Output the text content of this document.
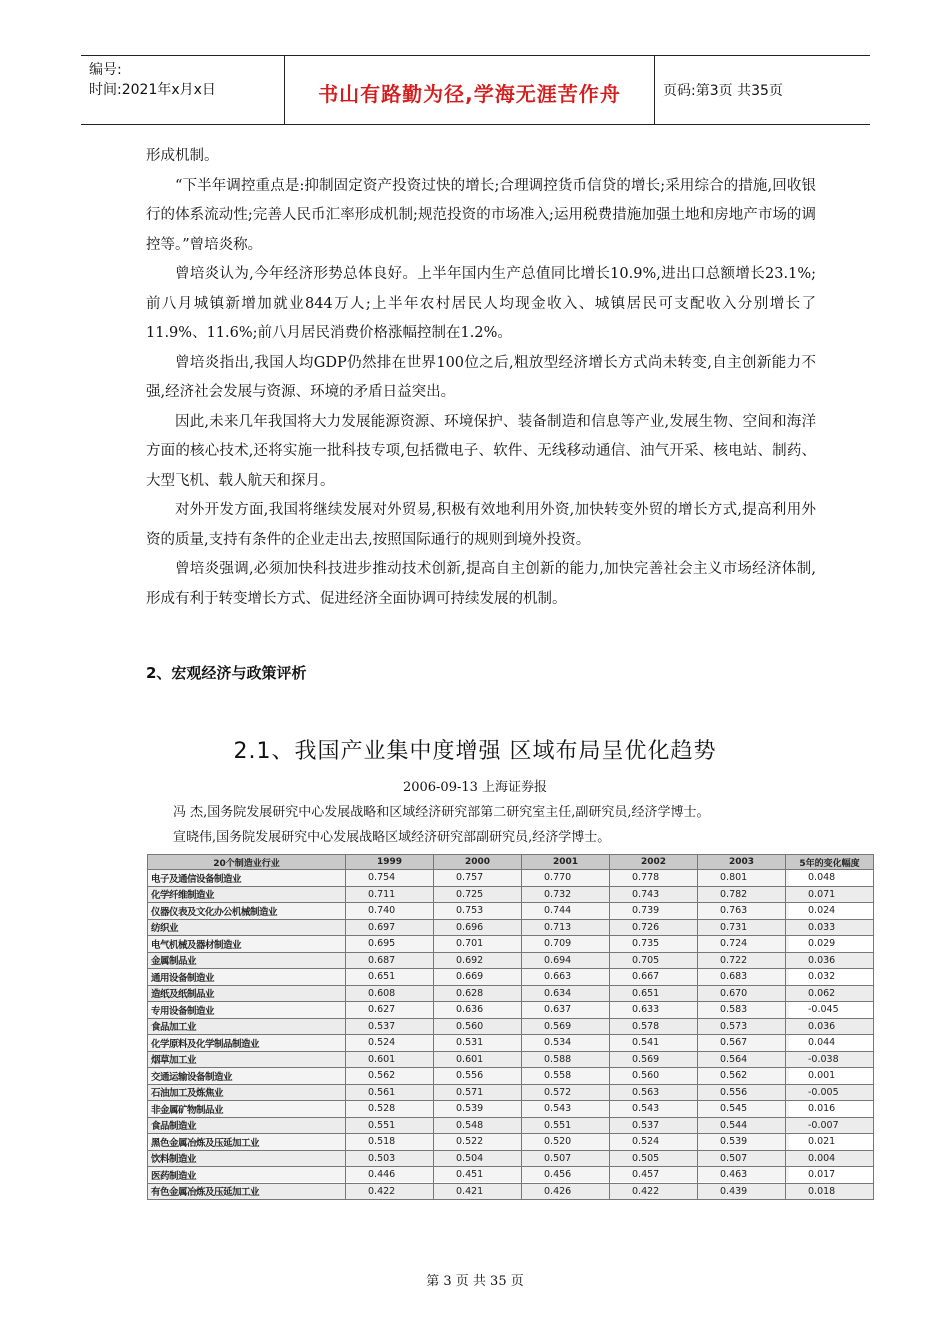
编号:
时间:2021年x月x日	书山有路勤为径,学海无涯苦作舟	页码:第3页 共35页

形成机制。

“下半年调控重点是:抑制固定资产投资过快的增长;合理调控货币信贷的增长;采用综合的措施,回收银行的体系流动性;完善人民币汇率形成机制;规范投资的市场准入;运用税费措施加强土地和房地产市场的调控等。”曾培炎称。

曾培炎认为,今年经济形势总体良好。上半年国内生产总值同比增长10.9%,进出口总额增长23.1%;前八月城镇新增加就业844万人;上半年农村居民人均现金收入、城镇居民可支配收入分别增长了11.9%、11.6%;前八月居民消费价格涨幅控制在1.2%。

曾培炎指出,我国人均GDP仍然排在世界100位之后,粗放型经济增长方式尚未转变,自主创新能力不强,经济社会发展与资源、环境的矛盾日益突出。

因此,未来几年我国将大力发展能源资源、环境保护、装备制造和信息等产业,发展生物、空间和海洋方面的核心技术,还将实施一批科技专项,包括微电子、软件、无线移动通信、油气开采、核电站、制药、大型飞机、载人航天和探月。

对外开发方面,我国将继续发展对外贸易,积极有效地利用外资,加快转变外贸的增长方式,提高利用外资的质量,支持有条件的企业走出去,按照国际通行的规则到境外投资。

曾培炎强调,必须加快科技进步推动技术创新,提高自主创新的能力,加快完善社会主义市场经济体制,形成有利于转变增长方式、促进经济全面协调可持续发展的机制。

2、宏观经济与政策评析
2.1、我国产业集中度增强 区域布局呈优化趋势
2006-09-13 上海证券报
冯 杰,国务院发展研究中心发展战略和区域经济研究部第二研究室主任,副研究员,经济学博士。
宣晓伟,国务院发展研究中心发展战略区域经济研究部副研究员,经济学博士。
20个制造业行业	1999	2000	2001	2002	2003	5年的变化幅度
电子及通信设备制造业	0.754	0.757	0.770	0.778	0.801	0.048
化学纤维制造业	0.711	0.725	0.732	0.743	0.782	0.071
仪器仪表及文化办公机械制造业	0.740	0.753	0.744	0.739	0.763	0.024
纺织业	0.697	0.696	0.713	0.726	0.731	0.033
电气机械及器材制造业	0.695	0.701	0.709	0.735	0.724	0.029
金属制品业	0.687	0.692	0.694	0.705	0.722	0.036
通用设备制造业	0.651	0.669	0.663	0.667	0.683	0.032
造纸及纸制品业	0.608	0.628	0.634	0.651	0.670	0.062
专用设备制造业	0.627	0.636	0.637	0.633	0.583	-0.045
食品加工业	0.537	0.560	0.569	0.578	0.573	0.036
化学原料及化学制品制造业	0.524	0.531	0.534	0.541	0.567	0.044
烟草加工业	0.601	0.601	0.588	0.569	0.564	-0.038
交通运输设备制造业	0.562	0.556	0.558	0.560	0.562	0.001
石油加工及炼焦业	0.561	0.571	0.572	0.563	0.556	-0.005
非金属矿物制品业	0.528	0.539	0.543	0.543	0.545	0.016
食品制造业	0.551	0.548	0.551	0.537	0.544	-0.007
黑色金属冶炼及压延加工业	0.518	0.522	0.520	0.524	0.539	0.021
饮料制造业	0.503	0.504	0.507	0.505	0.507	0.004
医药制造业	0.446	0.451	0.456	0.457	0.463	0.017
有色金属冶炼及压延加工业	0.422	0.421	0.426	0.422	0.439	0.018
第 3 页 共 35 页
